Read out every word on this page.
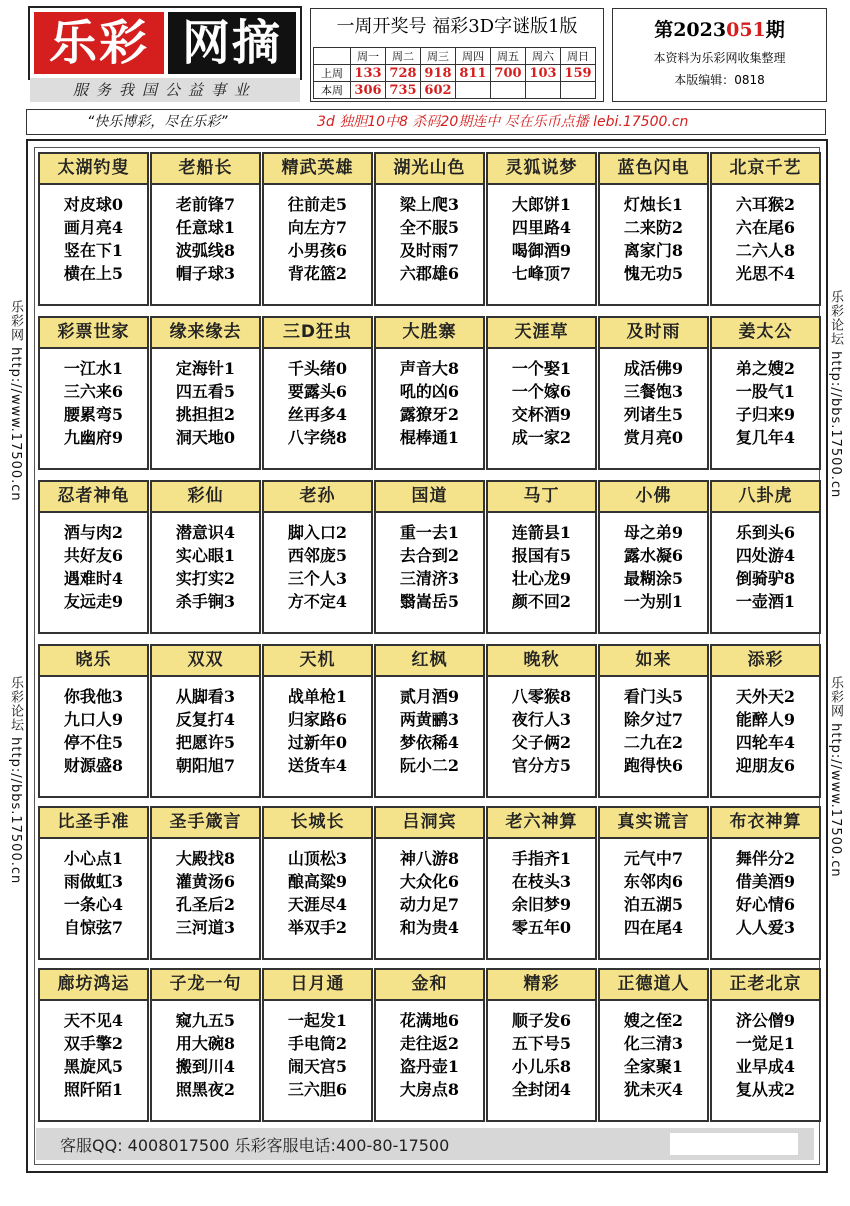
乐彩 网摘
服务我国公益事业
一周开奖号 福彩3D字谜版1版
	周一	周二	周三	周四	周五	周六	周日
上周	133	728	918	811	700	103	159
本周	306	735	602				
第2023051期
本资料为乐彩网收集整理
本版编辑：0818
“快乐博彩，尽在乐彩”	3d 独胆10中8 杀码20期连中 尽在乐币点播 lebi.17500.cn
乐彩网 http://www.17500.cn
乐彩论坛 http://bbs.17500.cn
乐彩论坛 http://bbs.17500.cn
乐彩网 http://www.17500.cn
太湖钓叟
对皮球0
画月亮4
竖在下1
横在上5
老船长
老前锋7
任意球1
波弧线8
帽子球3
精武英雄
往前走5
向左方7
小男孩6
背花篮2
湖光山色
梁上爬3
全不服5
及时雨7
六郡雄6
灵狐说梦
大郎饼1
四里路4
喝御酒9
七峰顶7
蓝色闪电
灯烛长1
二来防2
离家门8
愧无功5
北京千艺
六耳猴2
六在尾6
二六人8
光思不4
彩票世家
一江水1
三六来6
腰累弯5
九幽府9
缘来缘去
定海针1
四五看5
挑担担2
洞天地0
三D狂虫
千头绪0
要露头6
丝再多4
八字绕8
大胜寨
声音大8
吼的凶6
露獠牙2
棍棒通1
天涯草
一个娶1
一个嫁6
交杯酒9
成一家2
及时雨
成活佛9
三餐饱3
列诸生5
赏月亮0
姜太公
弟之嫂2
一股气1
子归来9
复几年4
忍者神龟
酒与肉2
共好友6
遇难时4
友远走9
彩仙
潜意识4
实心眼1
实打实2
杀手锏3
老孙
脚入口2
西邻庞5
三个人3
方不定4
国道
重一去1
去合到2
三清济3
翳嵩岳5
马丁
连箭县1
报国有5
壮心龙9
颜不回2
小佛
母之弟9
露水凝6
最糊涂5
一为别1
八卦虎
乐到头6
四处游4
倒骑驴8
一壶酒1
晓乐
你我他3
九口人9
停不住5
财源盛8
双双
从脚看3
反复打4
把愿许5
朝阳旭7
天机
战单枪1
归家路6
过新年0
送货车4
红枫
贰月酒9
两黄鹂3
梦依稀4
阮小二2
晚秋
八零猴8
夜行人3
父子俩2
官分方5
如来
看门头5
除夕过7
二九在2
跑得快6
添彩
天外天2
能醉人9
四轮车4
迎朋友6
比圣手准
小心点1
雨做虹3
一条心4
自惊弦7
圣手箴言
大殿找8
灌黄汤6
孔圣后2
三河道3
长城长
山顶松3
酿高粱9
天涯尽4
举双手2
吕洞宾
神八游8
大众化6
动力足7
和为贵4
老六神算
手指齐1
在枝头3
余旧梦9
零五年0
真实谎言
元气中7
东邻肉6
泊五湖5
四在尾4
布衣神算
舞伴分2
借美酒9
好心情6
人人爱3
廊坊鸿运
天不见4
双手擎2
黑旋风5
照阡陌1
子龙一句
窥九五5
用大碗8
搬到川4
照黑夜2
日月通
一起发1
手电筒2
闹天宫5
三六胆6
金和
花满地6
走往返2
盗丹壶1
大房点8
精彩
顺子发6
五下号5
小儿乐8
全封闭4
正德道人
嫂之侄2
化三清3
全家聚1
犹未灭4
正老北京
济公僧9
一觉足1
业早成4
复从戎2
客服QQ: 4008017500 乐彩客服电话:400-80-17500
